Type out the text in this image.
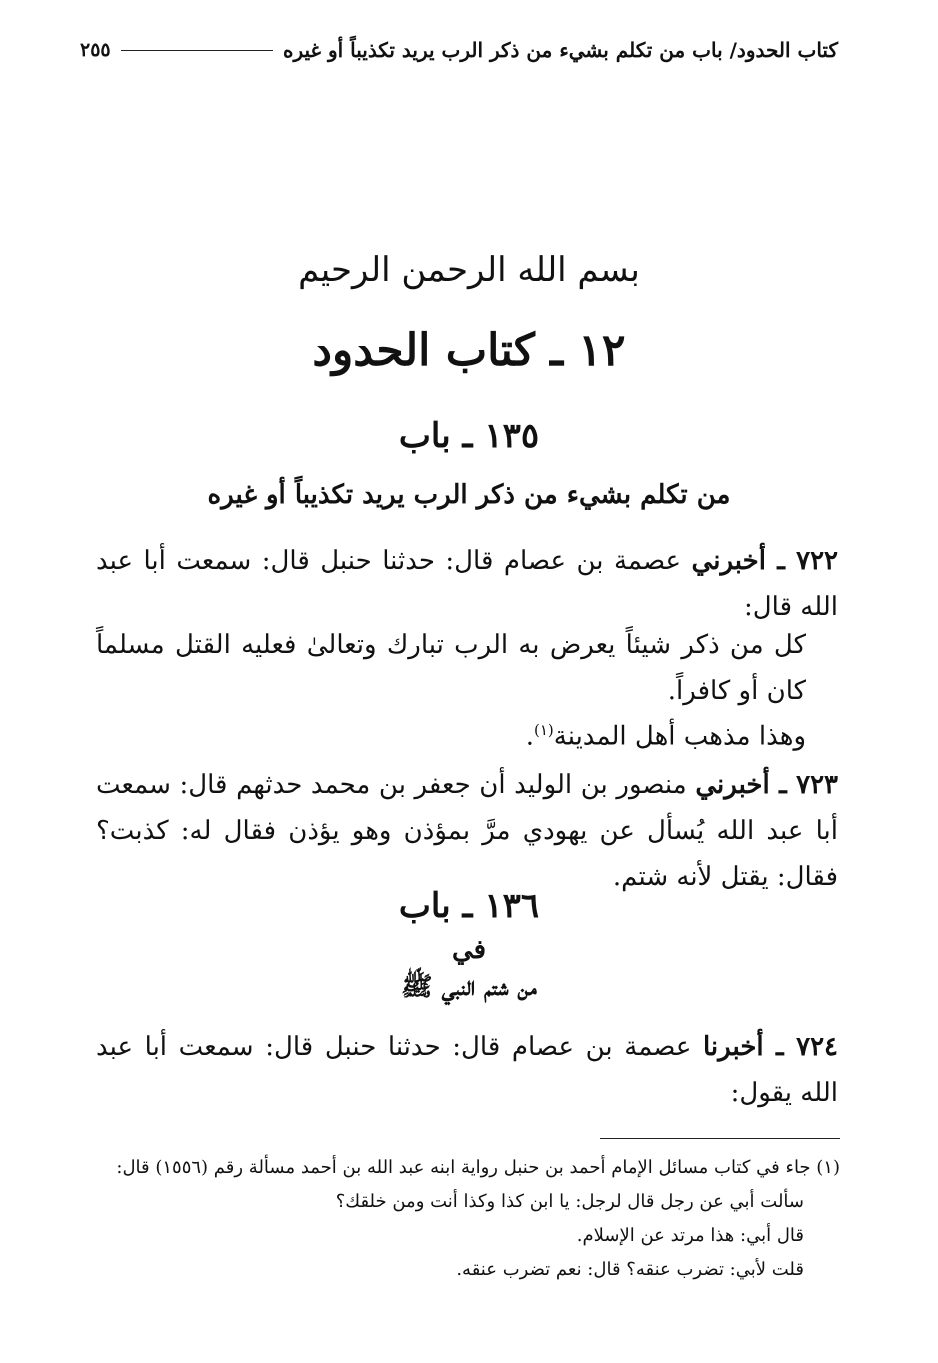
كتاب الحدود/ باب من تكلم بشيء من ذكر الرب يريد تكذيباً أو غيره
٢٥٥
بسم الله الرحمن الرحيم
١٢ ـ كتاب الحدود
١٣٥ ـ باب
من تكلم بشيء من ذكر الرب يريد تكذيباً أو غيره
٧٢٢ ـ أخبرني عصمة بن عصام قال: حدثنا حنبل قال: سمعت أبا عبد الله قال:
كل من ذكر شيئاً يعرض به الرب تبارك وتعالىٰ فعليه القتل مسلماً كان أو كافراً.
وهذا مذهب أهل المدينة$^{(١)}$.
٧٢٣ ـ أخبرني منصور بن الوليد أن جعفر بن محمد حدثهم قال: سمعت أبا عبد الله يُسأل عن يهودي مرَّ بمؤذن وهو يؤذن فقال له: كذبت؟ فقال: يقتل لأنه شتم.
١٣٦ ـ باب
في
من شتم النبي ﷺ
٧٢٤ ـ أخبرنا عصمة بن عصام قال: حدثنا حنبل قال: سمعت أبا عبد الله يقول:
(١) جاء في كتاب مسائل الإمام أحمد بن حنبل رواية ابنه عبد الله بن أحمد مسألة رقم (١٥٥٦) قال:
سألت أبي عن رجل قال لرجل: يا ابن كذا وكذا أنت ومن خلقك؟
قال أبي: هذا مرتد عن الإسلام.
قلت لأبي: تضرب عنقه؟ قال: نعم تضرب عنقه.
